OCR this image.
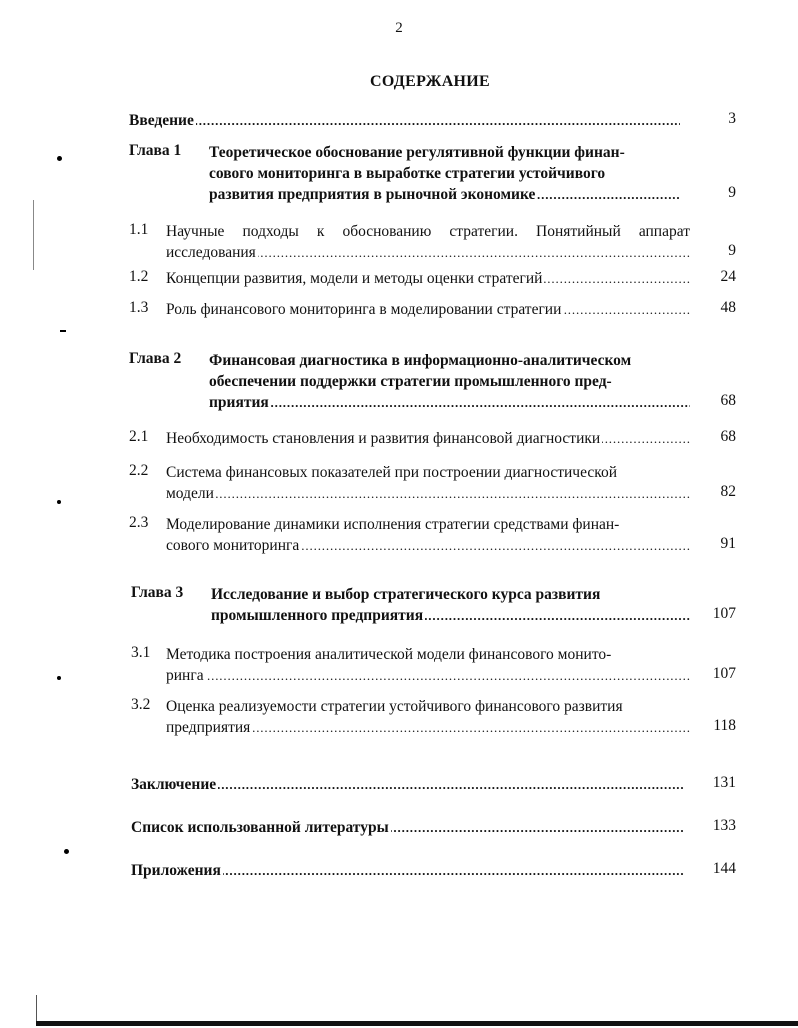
2
СОДЕРЖАНИЕ
Введение . . .	3
Глава 1 Теоретическое обоснование регулятивной функции финан-
сового мониторинга в выработке стратегии устойчивого
развития предприятия в рыночной экономике . . .	9
1.1 Научные подходы к обоснованию стратегии. Понятийный аппарат
исследования . . .	9
1.2 Концепции развития, модели и методы оценки стратегий . . .	24
1.3 Роль финансового мониторинга в моделировании стратегии . . .	48
Глава 2 Финансовая диагностика в информационно-аналитическом
обеспечении поддержки стратегии промышленного пред-
приятия . . .	68
2.1 Необходимость становления и развития финансовой диагностики . . .	68
2.2 Система финансовых показателей при построении диагностической
модели . . .	82
2.3 Моделирование динамики исполнения стратегии средствами финан-
сового мониторинга . . .	91
Глава 3 Исследование и выбор стратегического курса развития
промышленного предприятия . . .	107
3.1 Методика построения аналитической модели финансового монито-
ринга . . .	107
3.2 Оценка реализуемости стратегии устойчивого финансового развития
предприятия . . .	118
Заключение . . .	131
Список использованной литературы . . .	133
Приложения . . .	144
